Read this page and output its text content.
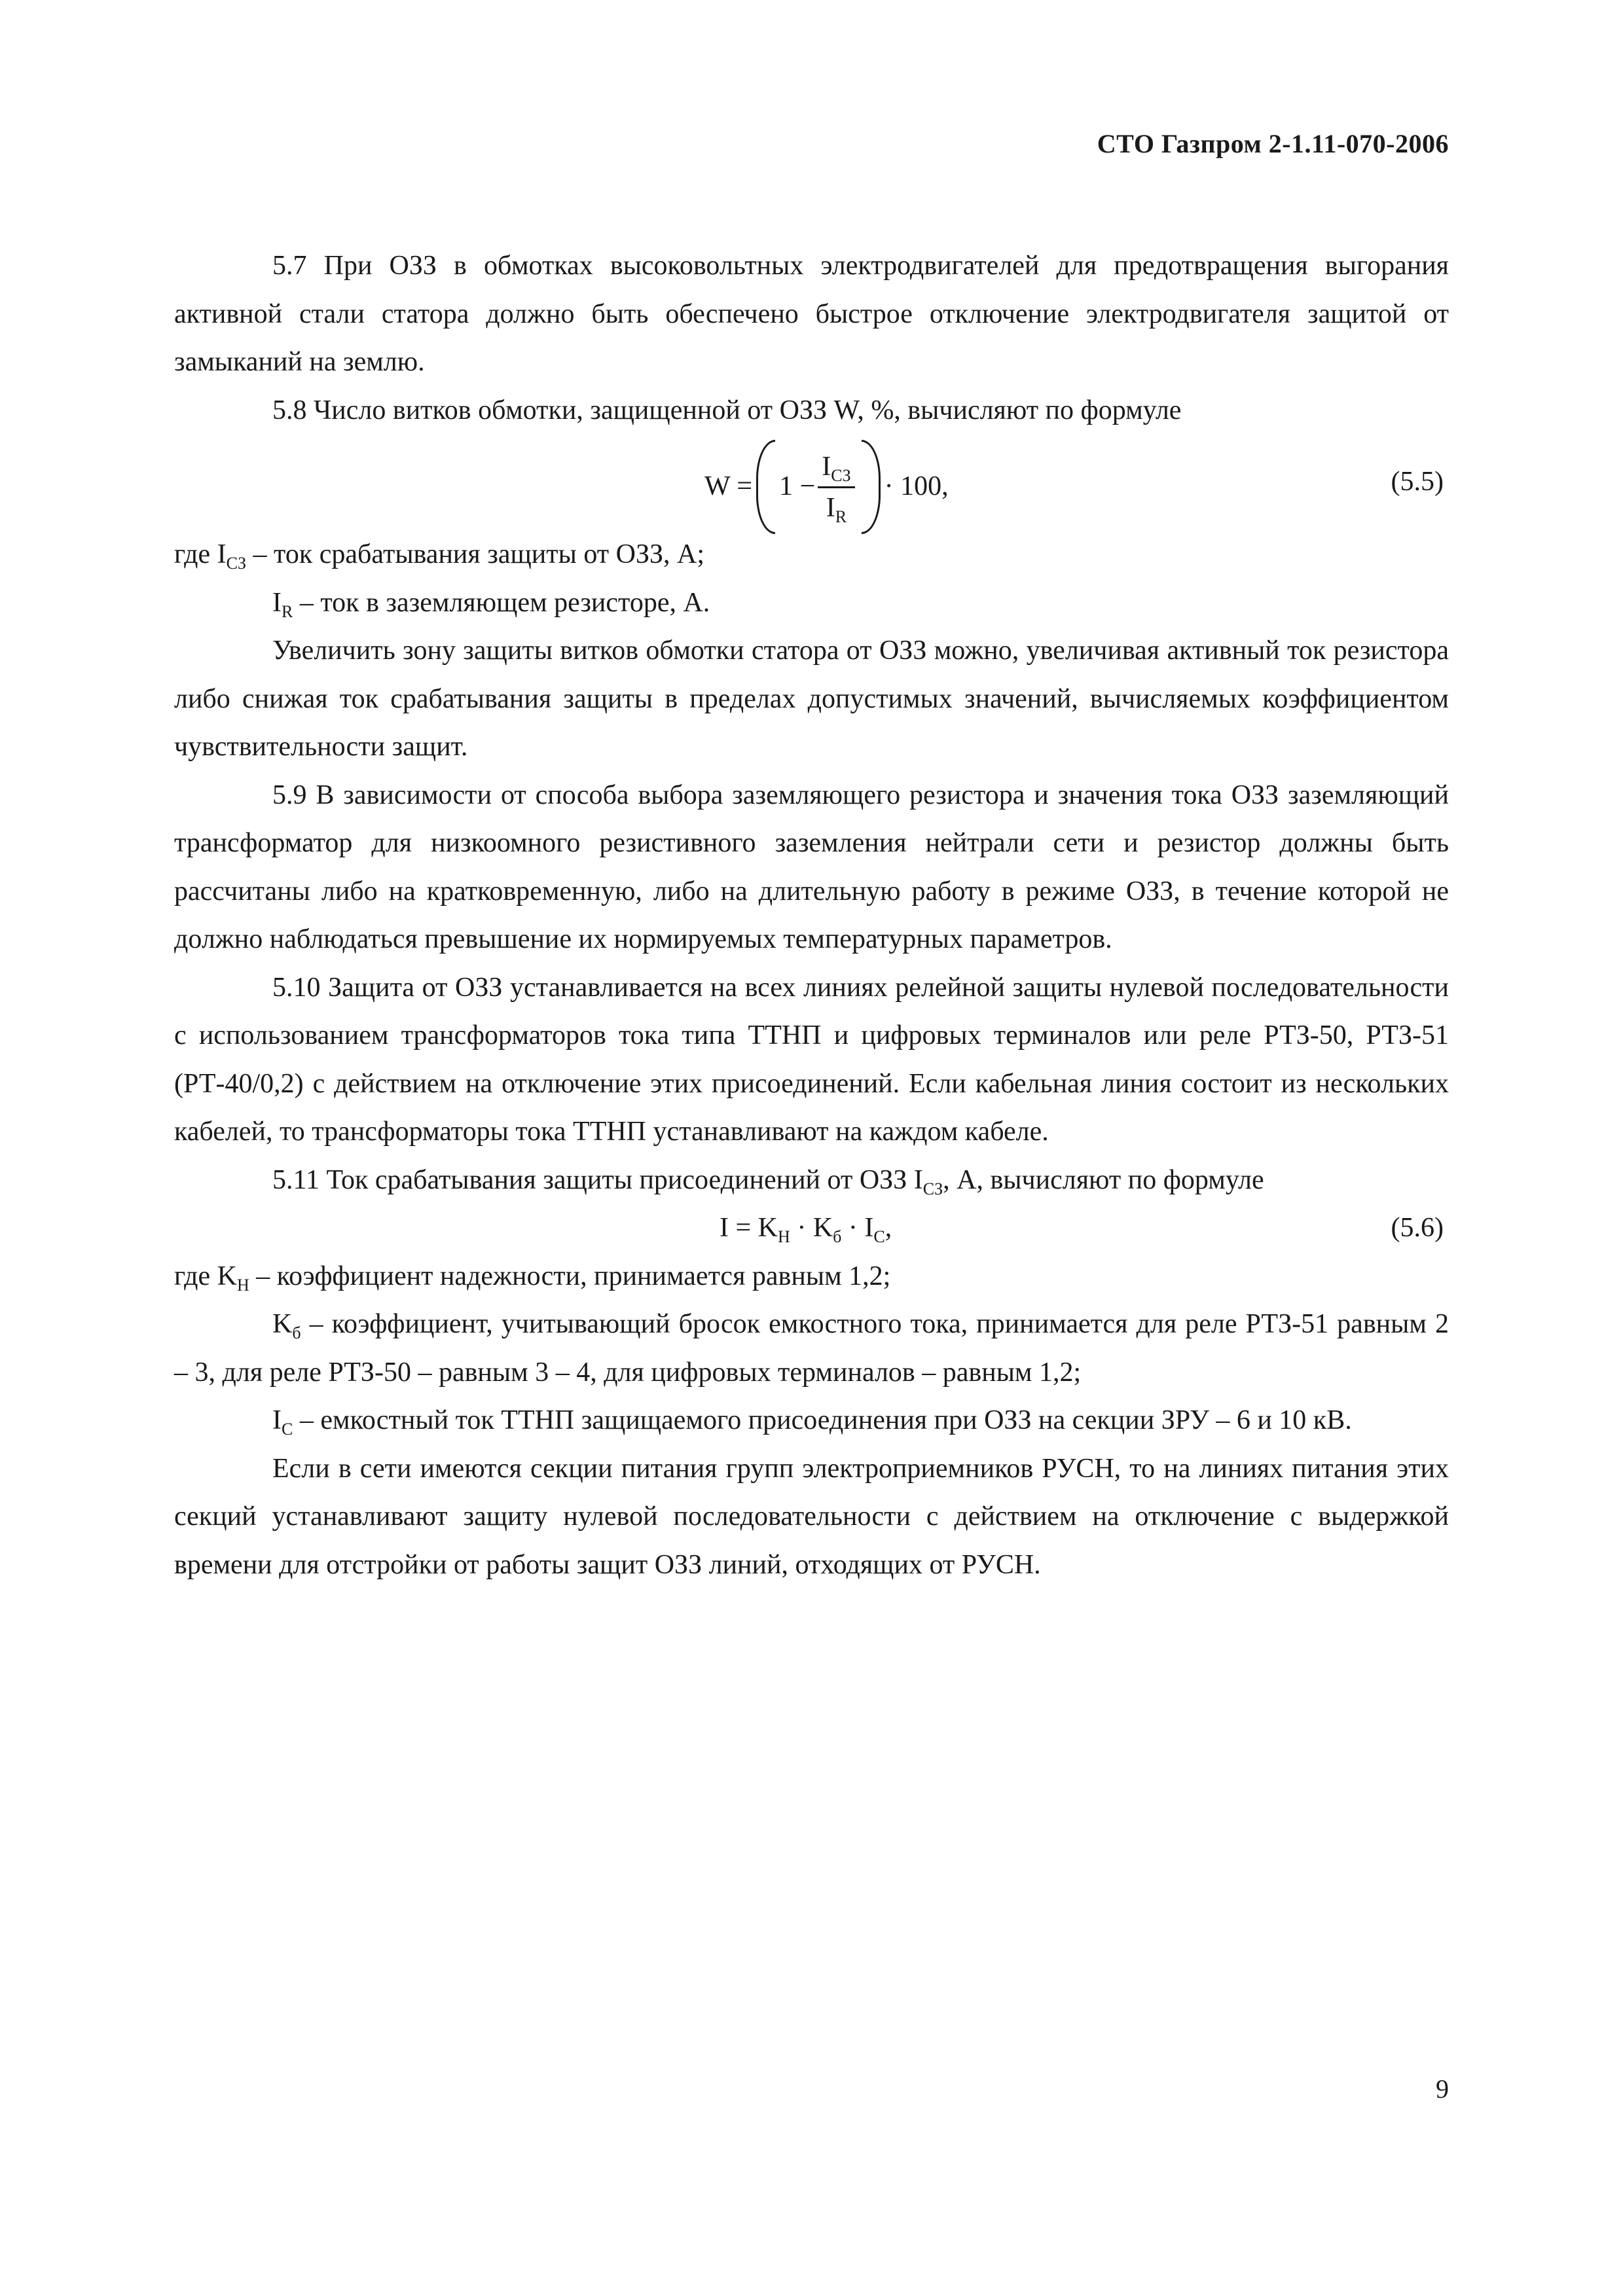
СТО Газпром 2-1.11-070-2006

5.7 При ОЗЗ в обмотках высоковольтных электродвигателей для предотвращения выгорания активной стали статора должно быть обеспечено быстрое отключение электродвигателя защитой от замыканий на землю.

5.8 Число витков обмотки, защищенной от ОЗЗ W, %, вычисляют по формуле

$W = 1 - \frac{I_{СЗ}}{I_R} \cdot 100$,	(5.5)

где $I_{СЗ}$ – ток срабатывания защиты от ОЗЗ, А;

$I_R$ – ток в заземляющем резисторе, А.

Увеличить зону защиты витков обмотки статора от ОЗЗ можно, увеличивая активный ток резистора либо снижая ток срабатывания защиты в пределах допустимых значений, вычисляемых коэффициентом чувствительности защит.

5.9 В зависимости от способа выбора заземляющего резистора и значения тока ОЗЗ заземляющий трансформатор для низкоомного резистивного заземления нейтрали сети и резистор должны быть рассчитаны либо на кратковременную, либо на длительную работу в режиме ОЗЗ, в течение которой не должно наблюдаться превышение их нормируемых температурных параметров.

5.10 Защита от ОЗЗ устанавливается на всех линиях релейной защиты нулевой последовательности с использованием трансформаторов тока типа ТТНП и цифровых терминалов или реле РТЗ-50, РТЗ-51 (РТ-40/0,2) с действием на отключение этих присоединений. Если кабельная линия состоит из нескольких кабелей, то трансформаторы тока ТТНП устанавливают на каждом кабеле.

5.11 Ток срабатывания защиты присоединений от ОЗЗ $I_{СЗ}$, А, вычисляют по формуле

$I = K_Н \cdot K_б \cdot I_С$,	(5.6)

где $K_Н$ – коэффициент надежности, принимается равным 1,2;

$K_б$ – коэффициент, учитывающий бросок емкостного тока, принимается для реле РТЗ-51 равным 2 – 3, для реле РТЗ-50 – равным 3 – 4, для цифровых терминалов – равным 1,2;

$I_С$ – емкостный ток ТТНП защищаемого присоединения при ОЗЗ на секции ЗРУ – 6 и 10 кВ.

Если в сети имеются секции питания групп электроприемников РУСН, то на линиях питания этих секций устанавливают защиту нулевой последовательности с действием на отключение с выдержкой времени для отстройки от работы защит ОЗЗ линий, отходящих от РУСН.

9
